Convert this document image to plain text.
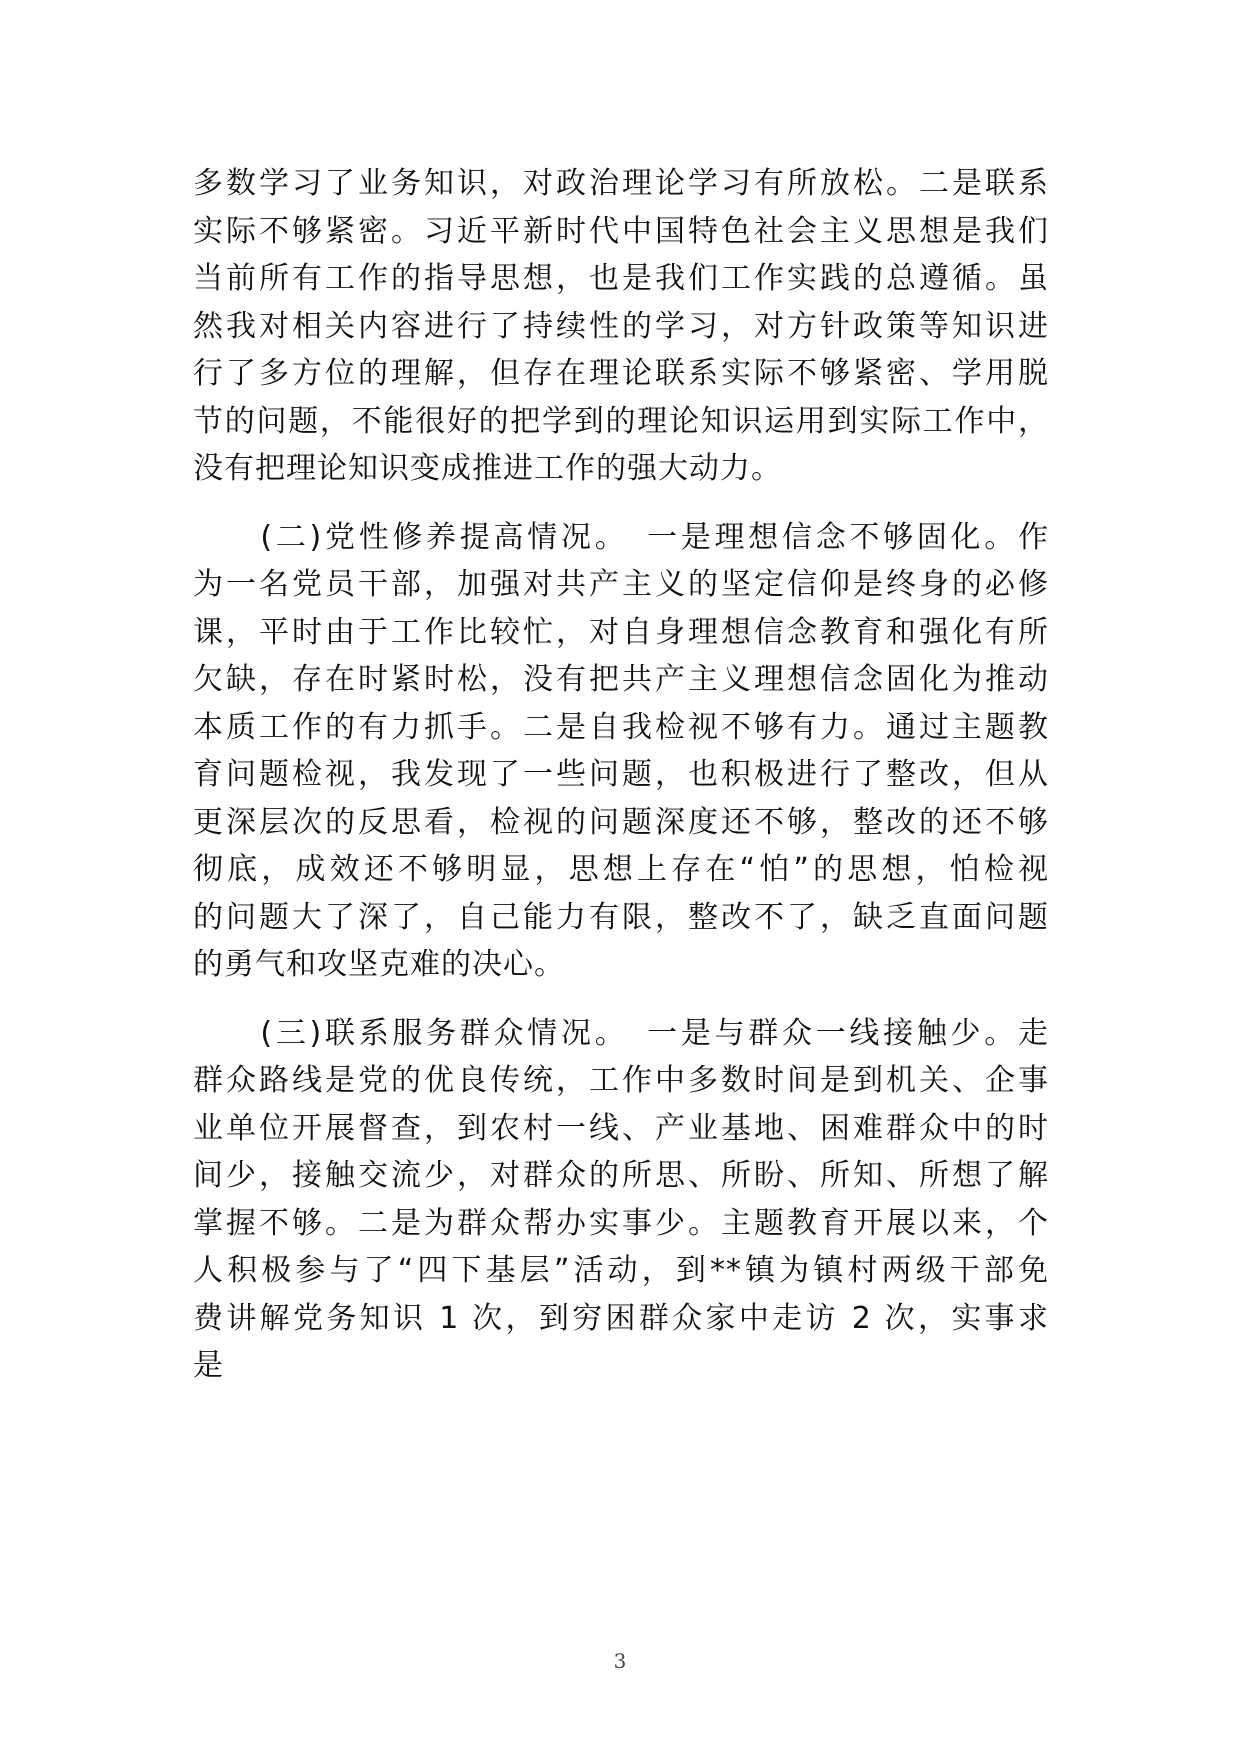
多数学习了业务知识，对政治理论学习有所放松。二是联系
实际不够紧密。习近平新时代中国特色社会主义思想是我们
当前所有工作的指导思想，也是我们工作实践的总遵循。虽
然我对相关内容进行了持续性的学习，对方针政策等知识进
行了多方位的理解，但存在理论联系实际不够紧密、学用脱
节的问题，不能很好的把学到的理论知识运用到实际工作中，
没有把理论知识变成推进工作的强大动力。
　　(二)党性修养提高情况。　一是理想信念不够固化。作
为一名党员干部，加强对共产主义的坚定信仰是终身的必修
课，平时由于工作比较忙，对自身理想信念教育和强化有所
欠缺，存在时紧时松，没有把共产主义理想信念固化为推动
本质工作的有力抓手。二是自我检视不够有力。通过主题教
育问题检视，我发现了一些问题，也积极进行了整改，但从
更深层次的反思看，检视的问题深度还不够，整改的还不够
彻底，成效还不够明显，思想上存在“怕”的思想，怕检视
的问题大了深了，自己能力有限，整改不了，缺乏直面问题
的勇气和攻坚克难的决心。
　　(三)联系服务群众情况。　一是与群众一线接触少。走
群众路线是党的优良传统，工作中多数时间是到机关、企事
业单位开展督查，到农村一线、产业基地、困难群众中的时
间少，接触交流少，对群众的所思、所盼、所知、所想了解
掌握不够。二是为群众帮办实事少。主题教育开展以来，个
人积极参与了“四下基层”活动，到**镇为镇村两级干部免
费讲解党务知识 1 次，到穷困群众家中走访 2 次，实事求
是
3
